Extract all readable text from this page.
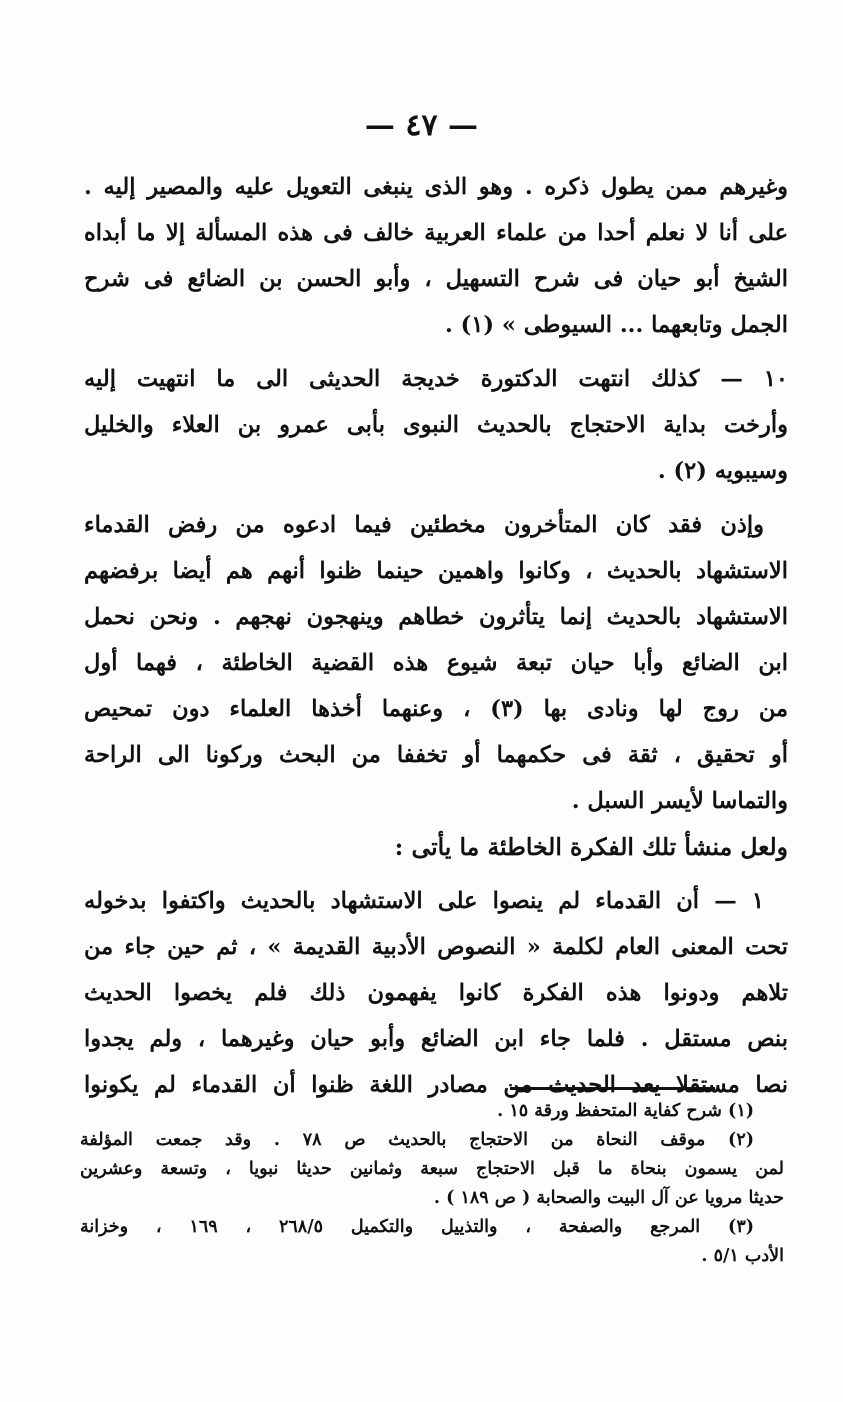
— ٤٧ —
وغيرهم ممن يطول ذكره . وهو الذى ينبغى التعويل عليه والمصير إليه .
على أنا لا نعلم أحدا من علماء العربية خالف فى هذه المسألة إلا ما أبداه
الشيخ أبو حيان فى شرح التسهيل ، وأبو الحسن بن الضائع فى شرح
الجمل وتابعهما ... السيوطى » (١) .
١٠ — كذلك انتهت الدكتورة خديجة الحديثى الى ما انتهيت إليه
وأرخت بداية الاحتجاج بالحديث النبوى بأبى عمرو بن العلاء والخليل
وسيبويه (٢) .
وإذن فقد كان المتأخرون مخطئين فيما ادعوه من رفض القدماء
الاستشهاد بالحديث ، وكانوا واهمين حينما ظنوا أنهم هم أيضا برفضهم
الاستشهاد بالحديث إنما يتأثرون خطاهم وينهجون نهجهم . ونحن نحمل
ابن الضائع وأبا حيان تبعة شيوع هذه القضية الخاطئة ، فهما أول
من روج لها ونادى بها (٣) ، وعنهما أخذها العلماء دون تمحيص
أو تحقيق ، ثقة فى حكمهما أو تخففا من البحث وركونا الى الراحة
والتماسا لأيسر السبل .
ولعل منشأ تلك الفكرة الخاطئة ما يأتى :
١ — أن القدماء لم ينصوا على الاستشهاد بالحديث واكتفوا بدخوله
تحت المعنى العام لكلمة « النصوص الأدبية القديمة » ، ثم حين جاء من
تلاهم ودونوا هذه الفكرة كانوا يفهمون ذلك فلم يخصوا الحديث
بنص مستقل . فلما جاء ابن الضائع وأبو حيان وغيرهما ، ولم يجدوا
نصا مستقلا يعد الحديث من مصادر اللغة ظنوا أن القدماء لم يكونوا
(١) شرح كفاية المتحفظ ورقة ١٥ .
(٢) موقف النحاة من الاحتجاج بالحديث ص ٧٨ . وقد جمعت المؤلفة
لمن يسمون بنحاة ما قبل الاحتجاج سبعة وثمانين حديثا نبويا ، وتسعة وعشرين
حديثا مرويا عن آل البيت والصحابة ( ص ١٨٩ ) .
(٣) المرجع والصفحة ، والتذييل والتكميل ٢٦٨/٥ ، ١٦٩ ، وخزانة
الأدب ٥/١ .
